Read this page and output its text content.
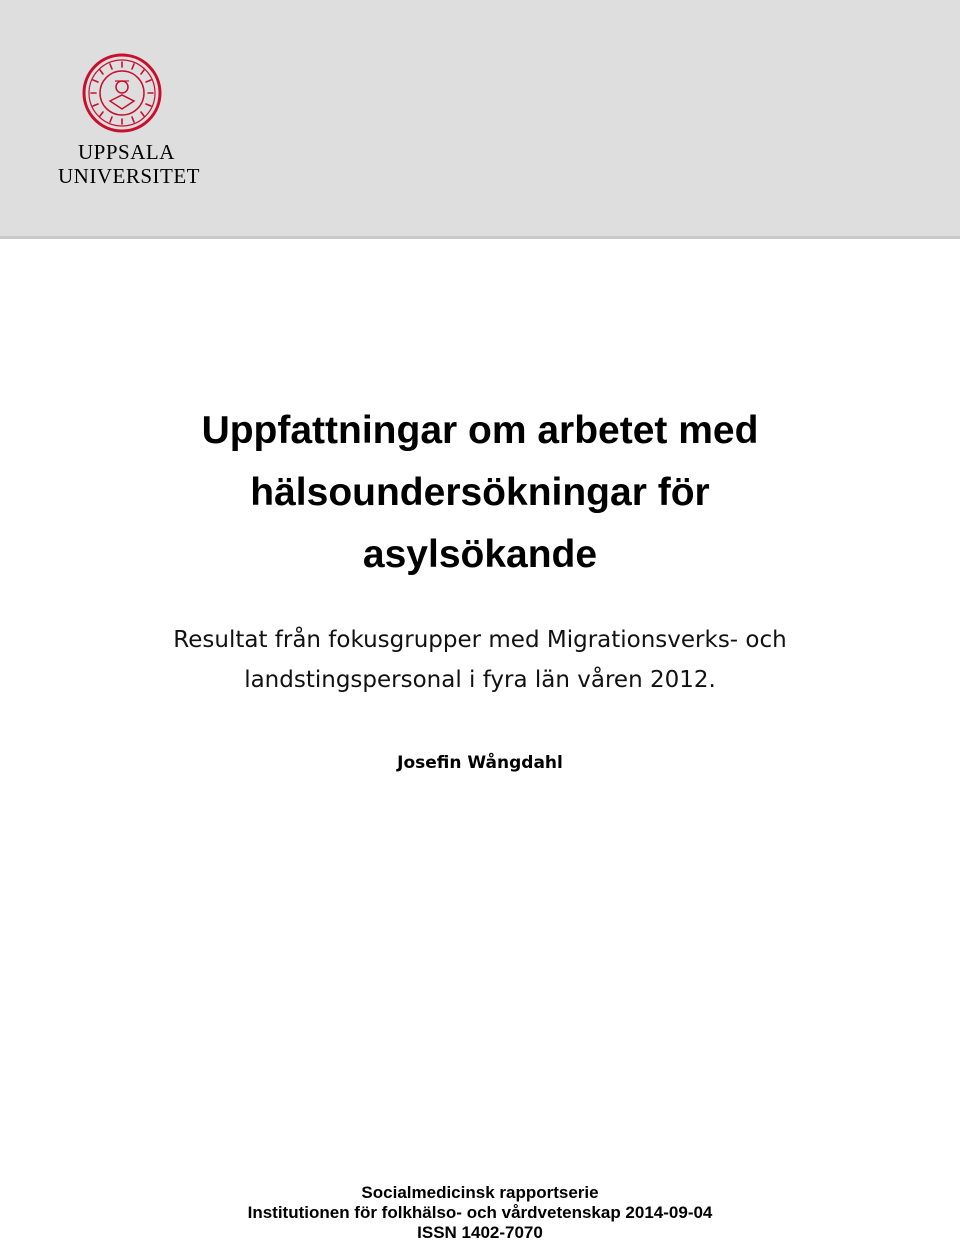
UPPSALA
UNIVERSITET
Uppfattningar om arbetet med
hälsoundersökningar för
asylsökande
Resultat från fokusgrupper med Migrationsverks- och
landstingspersonal i fyra län våren 2012.
Josefin Wångdahl
Socialmedicinsk rapportserie
Institutionen för folkhälso- och vårdvetenskap 2014-09-04
ISSN 1402-7070
